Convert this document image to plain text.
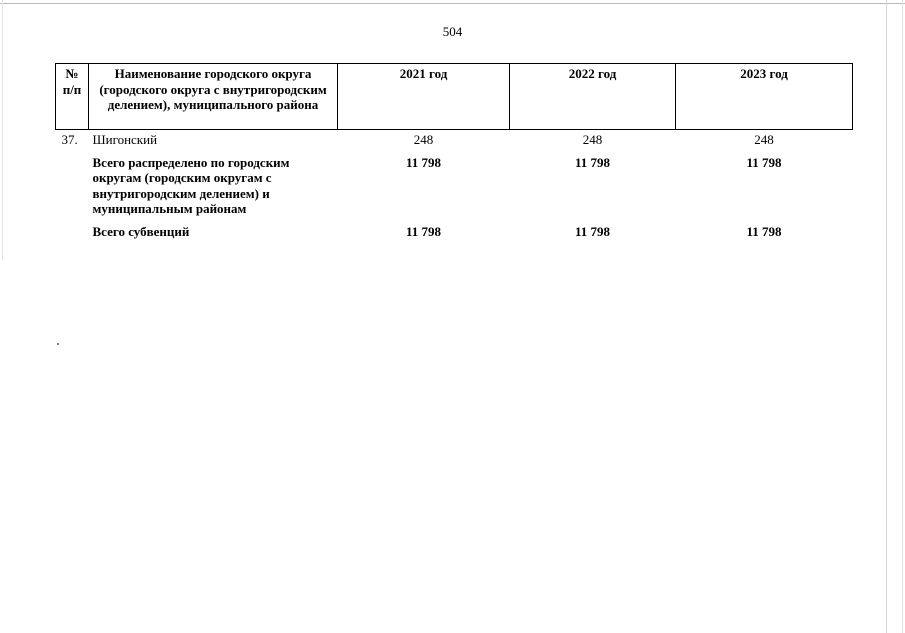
504
№ п/п	Наименование городского округа (городского округа с внутригородским делением), муниципального района	2021 год	2022 год	2023 год
37.	Шигонский	248	248	248
	Всего распределено по городским округам (городским округам с внутригородским делением) и муниципальным районам	11 798	11 798	11 798
	Всего субвенций	11 798	11 798	11 798
